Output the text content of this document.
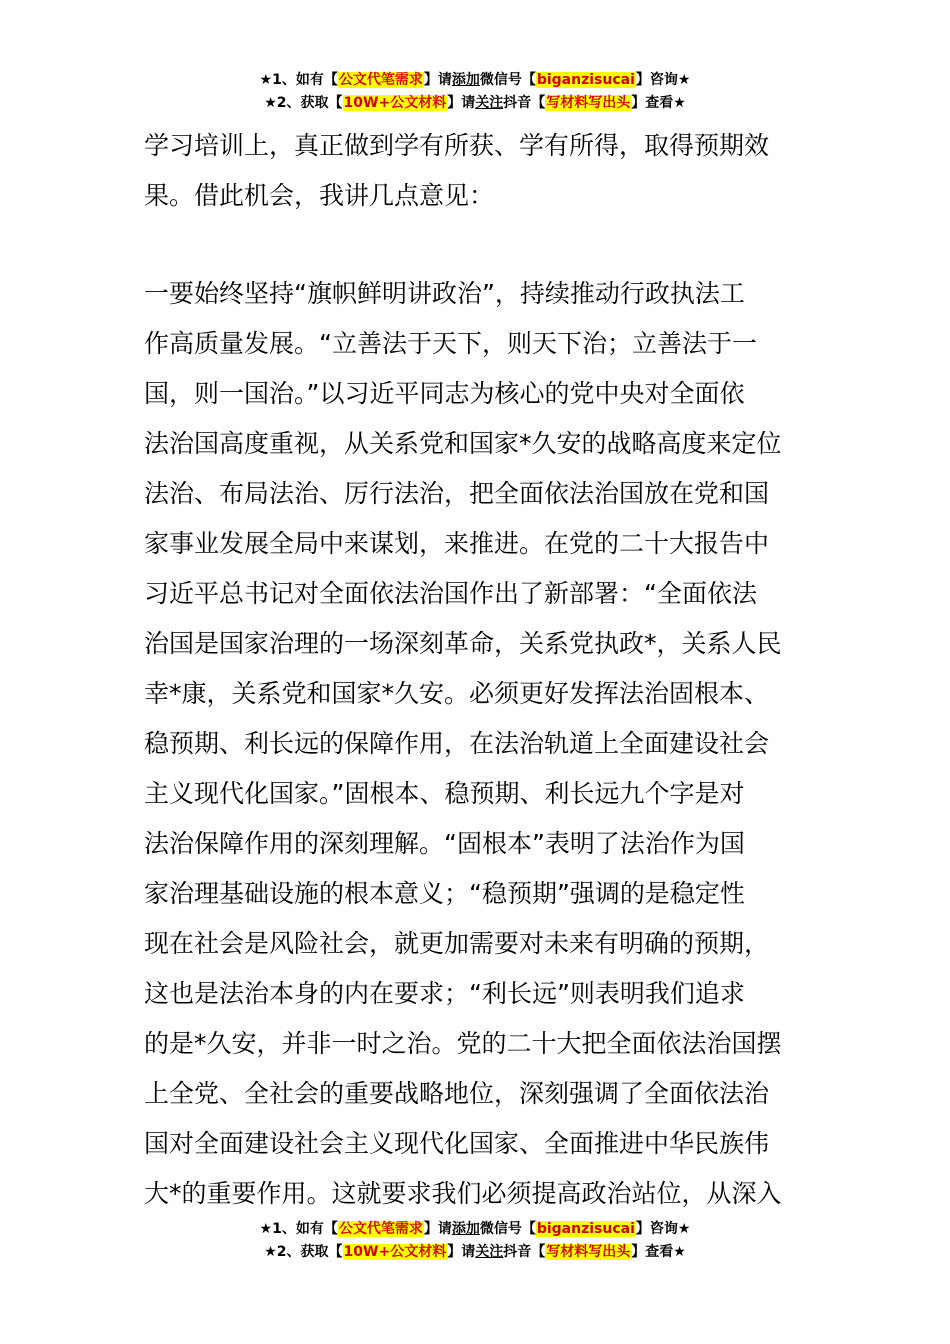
★1、如有【公文代笔需求】请添加微信号【biganzisucai】咨询★
★2、获取【10W+公文材料】请关注抖音【写材料写出头】查看★

学习培训上，真正做到学有所获、学有所得，取得预期效

果。借此机会，我讲几点意见：

一要始终坚持“旗帜鲜明讲政治”，持续推动行政执法工

作高质量发展。“立善法于天下，则天下治；立善法于一

国，则一国治。”以习近平同志为核心的党中央对全面依

法治国高度重视，从关系党和国家*久安的战略高度来定位

法治、布局法治、厉行法治，把全面依法治国放在党和国

家事业发展全局中来谋划，来推进。在党的二十大报告中

习近平总书记对全面依法治国作出了新部署：“全面依法

治国是国家治理的一场深刻革命，关系党执政*，关系人民

幸*康，关系党和国家*久安。必须更好发挥法治固根本、

稳预期、利长远的保障作用，在法治轨道上全面建设社会

主义现代化国家。”固根本、稳预期、利长远九个字是对

法治保障作用的深刻理解。“固根本”表明了法治作为国

家治理基础设施的根本意义；“稳预期”强调的是稳定性

现在社会是风险社会，就更加需要对未来有明确的预期，

这也是法治本身的内在要求；“利长远”则表明我们追求

的是*久安，并非一时之治。党的二十大把全面依法治国摆

上全党、全社会的重要战略地位，深刻强调了全面依法治

国对全面建设社会主义现代化国家、全面推进中华民族伟

大*的重要作用。这就要求我们必须提高政治站位，从深入

★1、如有【公文代笔需求】请添加微信号【biganzisucai】咨询★
★2、获取【10W+公文材料】请关注抖音【写材料写出头】查看★
